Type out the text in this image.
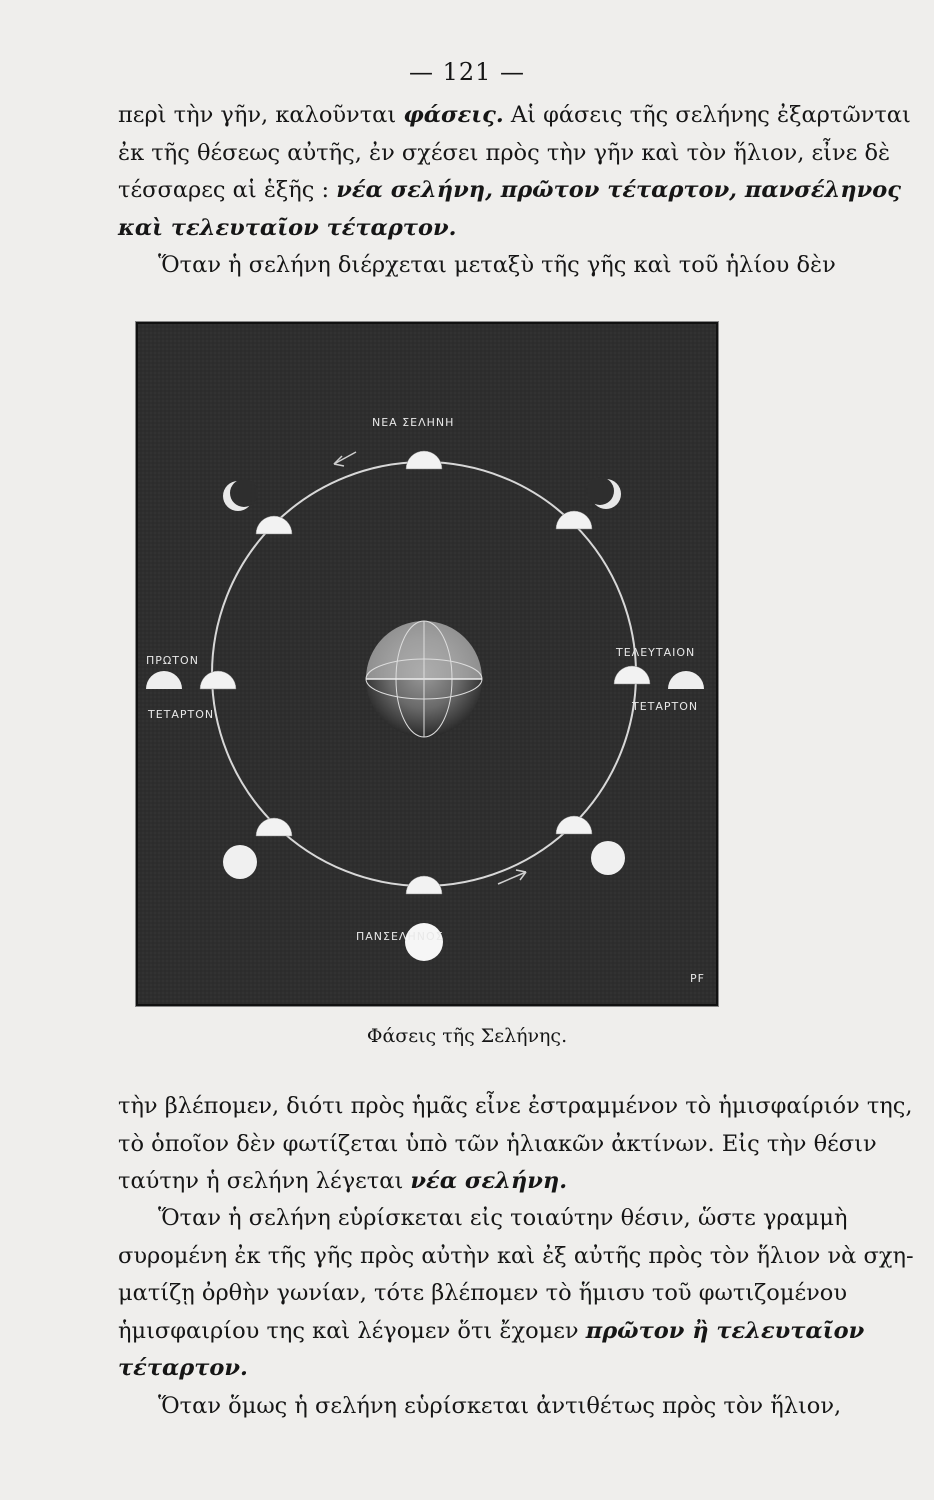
— 121 —
περὶ τὴν γῆν, καλοῦνται φάσεις. Αἱ φάσεις τῆς σελήνης ἐξαρτῶνται
ἐκ τῆς θέσεως αὐτῆς, ἐν σχέσει πρὸς τὴν γῆν καὶ τὸν ἥλιον, εἶνε δὲ
τέσσαρες αἱ ἑξῆς : νέα σελήνη, πρῶτον τέταρτον, πανσέληνος
καὶ τελευταῖον τέταρτον.
Ὅταν ἡ σελήνη διέρχεται μεταξὺ τῆς γῆς καὶ τοῦ ἡλίου δὲν
ΝΕΑ ΣΕΛΗΝΗ
ΠΡΩΤΟΝ
ΤΕΤΑΡΤΟΝ
ΤΕΛΕΥΤΑΙΟΝ
ΤΕΤΑΡΤΟΝ
ΠΑΝΣΕΛΗΝΟΣ
PF
Φάσεις τῆς Σελήνης.
τὴν βλέπομεν, διότι πρὸς ἡμᾶς εἶνε ἐστραμμένον τὸ ἡμισφαίριόν της,
τὸ ὁποῖον δὲν φωτίζεται ὑπὸ τῶν ἡλιακῶν ἀκτίνων. Εἰς τὴν θέσιν
ταύτην ἡ σελήνη λέγεται νέα σελήνη.
Ὅταν ἡ σελήνη εὑρίσκεται εἰς τοιαύτην θέσιν, ὥστε γραμμὴ
συρομένη ἐκ τῆς γῆς πρὸς αὐτὴν καὶ ἐξ αὐτῆς πρὸς τὸν ἥλιον νὰ σχη-
ματίζῃ ὀρθὴν γωνίαν, τότε βλέπομεν τὸ ἥμισυ τοῦ φωτιζομένου
ἡμισφαιρίου της καὶ λέγομεν ὅτι ἔχομεν πρῶτον ἢ τελευταῖον
τέταρτον.
Ὅταν ὅμως ἡ σελήνη εὑρίσκεται ἀντιθέτως πρὸς τὸν ἥλιον,
